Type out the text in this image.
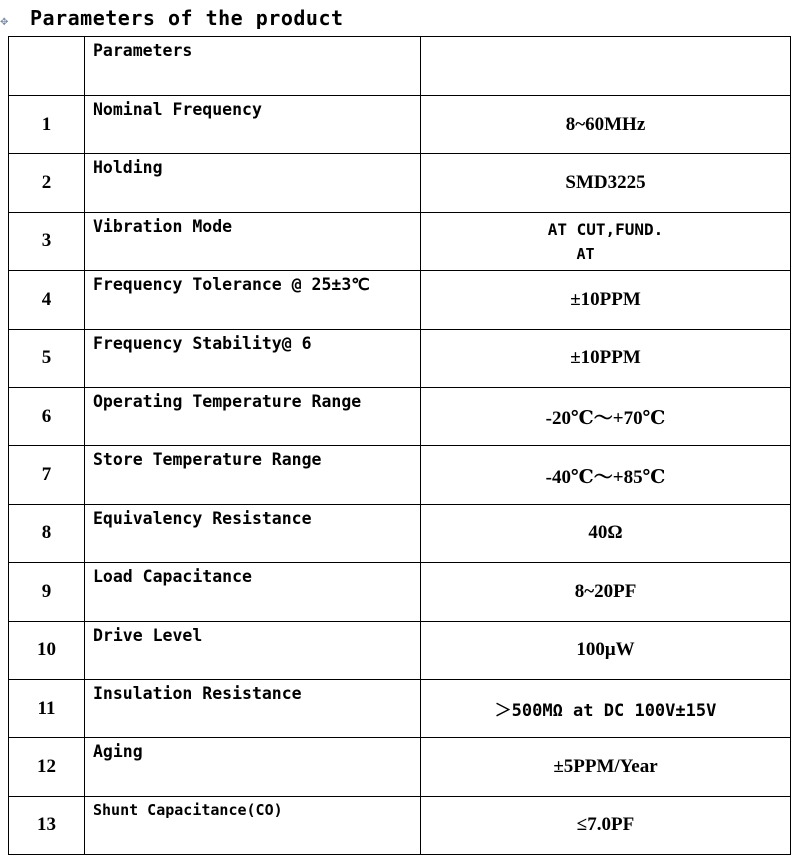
✥ Parameters of the product
	Parameters	
1	Nominal Frequency	8~60MHz
2	Holding	SMD3225
3	Vibration Mode	AT CUT,FUND.
AT

4	Frequency Tolerance @ 25±3℃	±10PPM
5	Frequency Stability@ 6	±10PPM
6	Operating Temperature Range	-20℃～+70℃
7	Store Temperature Range	-40℃～+85℃
8	Equivalency Resistance	40Ω
9	Load Capacitance	8~20PF
10	Drive Level	100μW
11	Insulation Resistance	＞500MΩ at DC 100V±15V
12	Aging	±5PPM/Year
13	Shunt Capacitance(CO)	≤7.0PF
